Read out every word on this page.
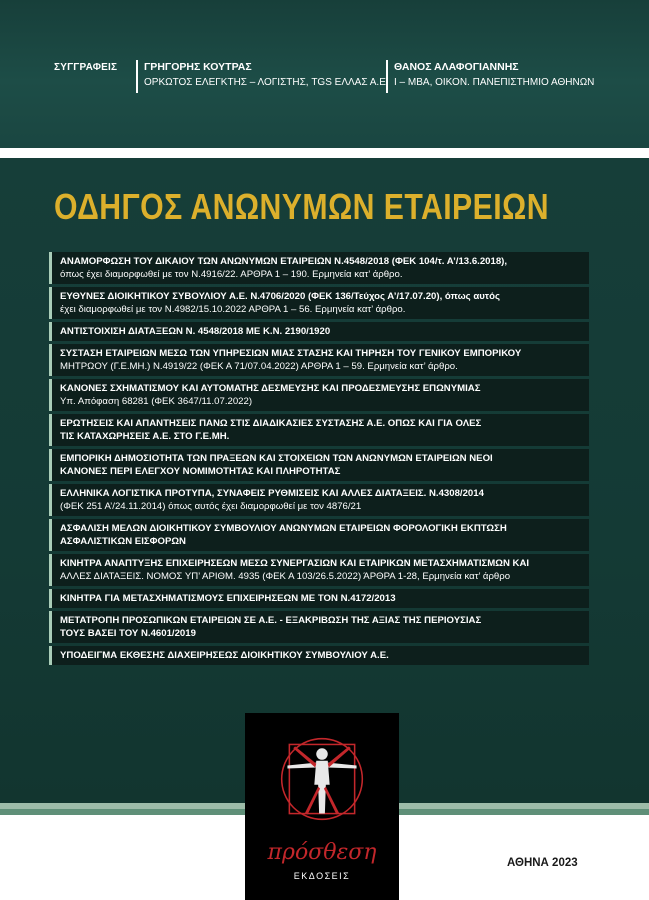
ΣΥΓΓΡΑΦΕΙΣ	ΓΡΗΓΟΡΗΣ ΚΟΥΤΡΑΣ
ΟΡΚΩΤΟΣ ΕΛΕΓΚΤΗΣ – ΛΟΓΙΣΤΗΣ, TGS ΕΛΛΑΣ Α.Ε.
ΘΑΝΟΣ ΑΛΑΦΟΓΙΑΝΝΗΣ
Ι – ΜΒΑ, ΟΙΚΟΝ. ΠΑΝΕΠΙΣΤΗΜΙΟ ΑΘΗΝΩΝ
ΟΔΗΓΟΣ ΑΝΩΝΥΜΩΝ ΕΤΑΙΡΕΙΩΝ
ΑΝΑΜΟΡΦΩΣΗ ΤΟΥ ΔΙΚΑΙΟΥ ΤΩΝ ΑΝΩΝΥΜΩΝ ΕΤΑΙΡΕΙΩΝ Ν.4548/2018 (ΦΕΚ 104/τ. Α’/13.6.2018),
όπως έχει διαμορφωθεί με τον Ν.4916/22. ΑΡΘΡΑ 1 – 190. Ερμηνεία κατ’ άρθρο.
ΕΥΘΥΝΕΣ ΔΙΟΙΚΗΤΙΚΟΥ ΣΥΒΟΥΛΙΟΥ Α.Ε. Ν.4706/2020 (ΦΕΚ 136/Τεύχος Α’/17.07.20), όπως αυτός
έχει διαμορφωθεί με τον Ν.4982/15.10.2022 ΑΡΘΡΑ 1 – 56. Ερμηνεία κατ’ άρθρο.
ΑΝΤΙΣΤΟΙΧΙΣΗ ΔΙΑΤΑΞΕΩΝ Ν. 4548/2018 ΜΕ Κ.Ν. 2190/1920
ΣΥΣΤΑΣΗ ΕΤΑΙΡΕΙΩΝ ΜΕΣΩ ΤΩΝ ΥΠΗΡΕΣΙΩΝ ΜΙΑΣ ΣΤΑΣΗΣ ΚΑΙ ΤΗΡΗΣΗ ΤΟΥ ΓΕΝΙΚΟΥ ΕΜΠΟΡΙΚΟΥ
ΜΗΤΡΩΟΥ (Γ.Ε.ΜΗ.) Ν.4919/22 (ΦΕΚ Α 71/07.04.2022) ΑΡΘΡΑ 1 – 59. Ερμηνεία κατ’ άρθρο.
ΚΑΝΟΝΕΣ ΣΧΗΜΑΤΙΣΜΟΥ ΚΑΙ ΑΥΤΟΜΑΤΗΣ ΔΕΣΜΕΥΣΗΣ ΚΑΙ ΠΡΟΔΕΣΜΕΥΣΗΣ ΕΠΩΝΥΜΙΑΣ
Υπ. Απόφαση 68281 (ΦΕΚ 3647/11.07.2022)
ΕΡΩΤΗΣΕΙΣ ΚΑΙ ΑΠΑΝΤΗΣΕΙΣ ΠΑΝΩ ΣΤΙΣ ΔΙΑΔΙΚΑΣΙΕΣ ΣΥΣΤΑΣΗΣ Α.Ε. ΟΠΩΣ ΚΑΙ ΓΙΑ ΟΛΕΣ
ΤΙΣ ΚΑΤΑΧΩΡΗΣΕΙΣ Α.Ε. ΣΤΟ Γ.Ε.ΜΗ.
ΕΜΠΟΡΙΚΗ ΔΗΜΟΣΙΟΤΗΤΑ ΤΩΝ ΠΡΑΞΕΩΝ ΚΑΙ ΣΤΟΙΧΕΙΩΝ ΤΩΝ ΑΝΩΝΥΜΩΝ ΕΤΑΙΡΕΙΩΝ ΝΕΟΙ
ΚΑΝΟΝΕΣ ΠΕΡΙ ΕΛΕΓΧΟΥ ΝΟΜΙΜΟΤΗΤΑΣ ΚΑΙ ΠΛΗΡΟΤΗΤΑΣ
ΕΛΛΗΝΙΚΑ ΛΟΓΙΣΤΙΚΑ ΠΡΟΤΥΠΑ, ΣΥΝΑΦΕΙΣ ΡΥΘΜΙΣΕΙΣ ΚΑΙ ΑΛΛΕΣ ΔΙΑΤΑΞΕΙΣ. Ν.4308/2014
(ΦΕΚ 251 Α’/24.11.2014) όπως αυτός έχει διαμορφωθεί με τον 4876/21
ΑΣΦΑΛΙΣΗ ΜΕΛΩΝ ΔΙΟΙΚΗΤΙΚΟΥ ΣΥΜΒΟΥΛΙΟΥ ΑΝΩΝΥΜΩΝ ΕΤΑΙΡΕΙΩΝ ΦΟΡΟΛΟΓΙΚΗ ΕΚΠΤΩΣΗ
ΑΣΦΑΛΙΣΤΙΚΩΝ ΕΙΣΦΟΡΩΝ
ΚΙΝΗΤΡΑ ΑΝΑΠΤΥΞΗΣ ΕΠΙΧΕΙΡΗΣΕΩΝ ΜΕΣΩ ΣΥΝΕΡΓΑΣΙΩΝ ΚΑΙ ΕΤΑΙΡΙΚΩΝ ΜΕΤΑΣΧΗΜΑΤΙΣΜΩΝ ΚΑΙ
ΑΛΛΕΣ ΔΙΑΤΑΞΕΙΣ. ΝΟΜΟΣ ΥΠ’ ΑΡΙΘΜ. 4935 (ΦΕΚ Α 103/26.5.2022) ΆΡΘΡΑ 1-28, Ερμηνεία κατ’ άρθρο
ΚΙΝΗΤΡΑ ΓΙΑ ΜΕΤΑΣΧΗΜΑΤΙΣΜΟΥΣ ΕΠΙΧΕΙΡΗΣΕΩΝ ΜΕ ΤΟΝ Ν.4172/2013
ΜΕΤΑΤΡΟΠΗ ΠΡΟΣΩΠΙΚΩΝ ΕΤΑΙΡΕΙΩΝ ΣΕ Α.Ε. - ΕΞΑΚΡΙΒΩΣΗ ΤΗΣ ΑΞΙΑΣ ΤΗΣ ΠΕΡΙΟΥΣΙΑΣ
ΤΟΥΣ ΒΑΣΕΙ ΤΟΥ Ν.4601/2019
ΥΠΟΔΕΙΓΜΑ ΕΚΘΕΣΗΣ ΔΙΑΧΕΙΡΗΣΕΩΣ ΔΙΟΙΚΗΤΙΚΟΥ ΣΥΜΒΟΥΛΙΟΥ Α.Ε.
πρόσθεση
ΕΚΔΟΣΕΙΣ
ΑΘΗΝΑ 2023
